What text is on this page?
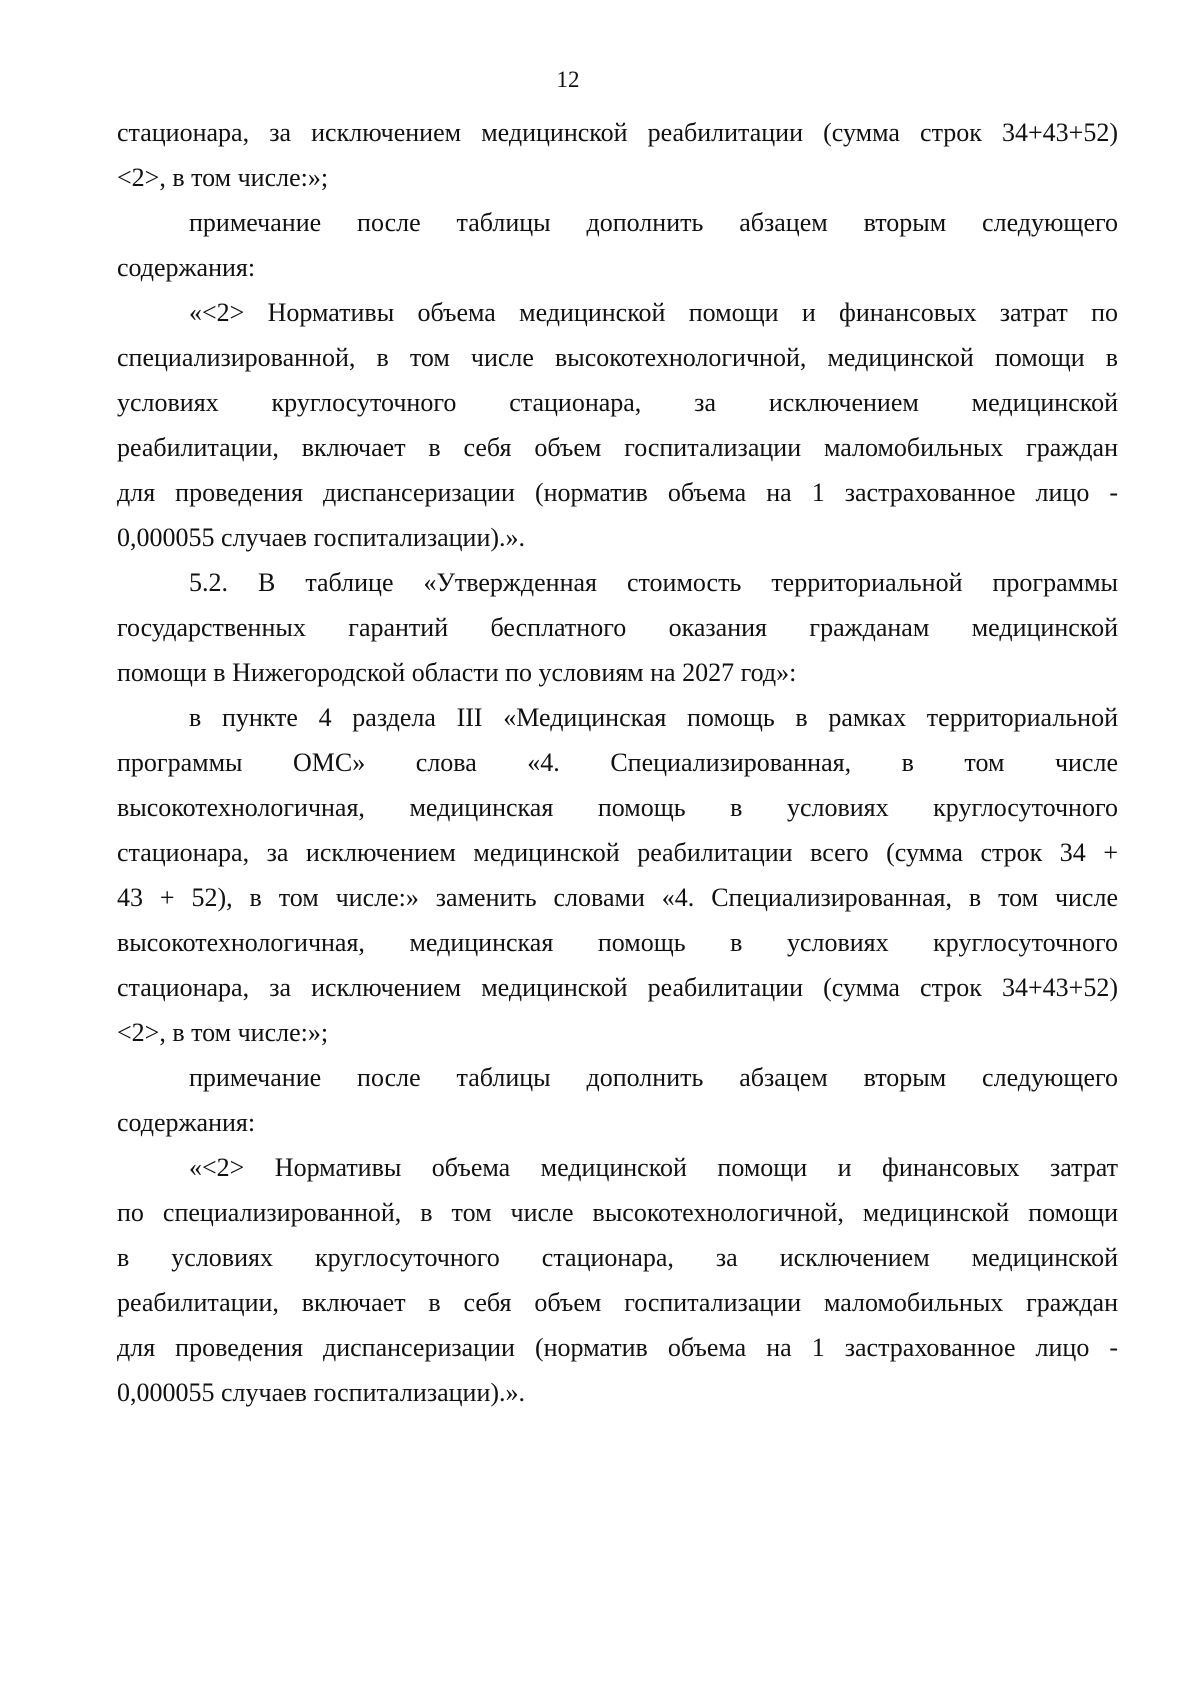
12
стационара, за исключением медицинской реабилитации (сумма строк 34+43+52)
<2>, в том числе:»;
примечание после таблицы дополнить абзацем вторым следующего
содержания:
«<2> Нормативы объема медицинской помощи и финансовых затрат по
специализированной, в том числе высокотехнологичной, медицинской помощи в
условиях круглосуточного стационара, за исключением медицинской
реабилитации, включает в себя объем госпитализации маломобильных граждан
для проведения диспансеризации (норматив объема на 1 застрахованное лицо -
0,000055 случаев госпитализации).».
5.2. В таблице «Утвержденная стоимость территориальной программы
государственных гарантий бесплатного оказания гражданам медицинской
помощи в Нижегородской области по условиям на 2027 год»:
в пункте 4 раздела III «Медицинская помощь в рамках территориальной
программы ОМС» слова «4. Специализированная, в том числе
высокотехнологичная, медицинская помощь в условиях круглосуточного
стационара, за исключением медицинской реабилитации всего (сумма строк 34 +
43 + 52), в том числе:» заменить словами «4. Специализированная, в том числе
высокотехнологичная, медицинская помощь в условиях круглосуточного
стационара, за исключением медицинской реабилитации (сумма строк 34+43+52)
<2>, в том числе:»;
примечание после таблицы дополнить абзацем вторым следующего
содержания:
«<2> Нормативы объема медицинской помощи и финансовых затрат
по специализированной, в том числе высокотехнологичной, медицинской помощи
в условиях круглосуточного стационара, за исключением медицинской
реабилитации, включает в себя объем госпитализации маломобильных граждан
для проведения диспансеризации (норматив объема на 1 застрахованное лицо -
0,000055 случаев госпитализации).».
